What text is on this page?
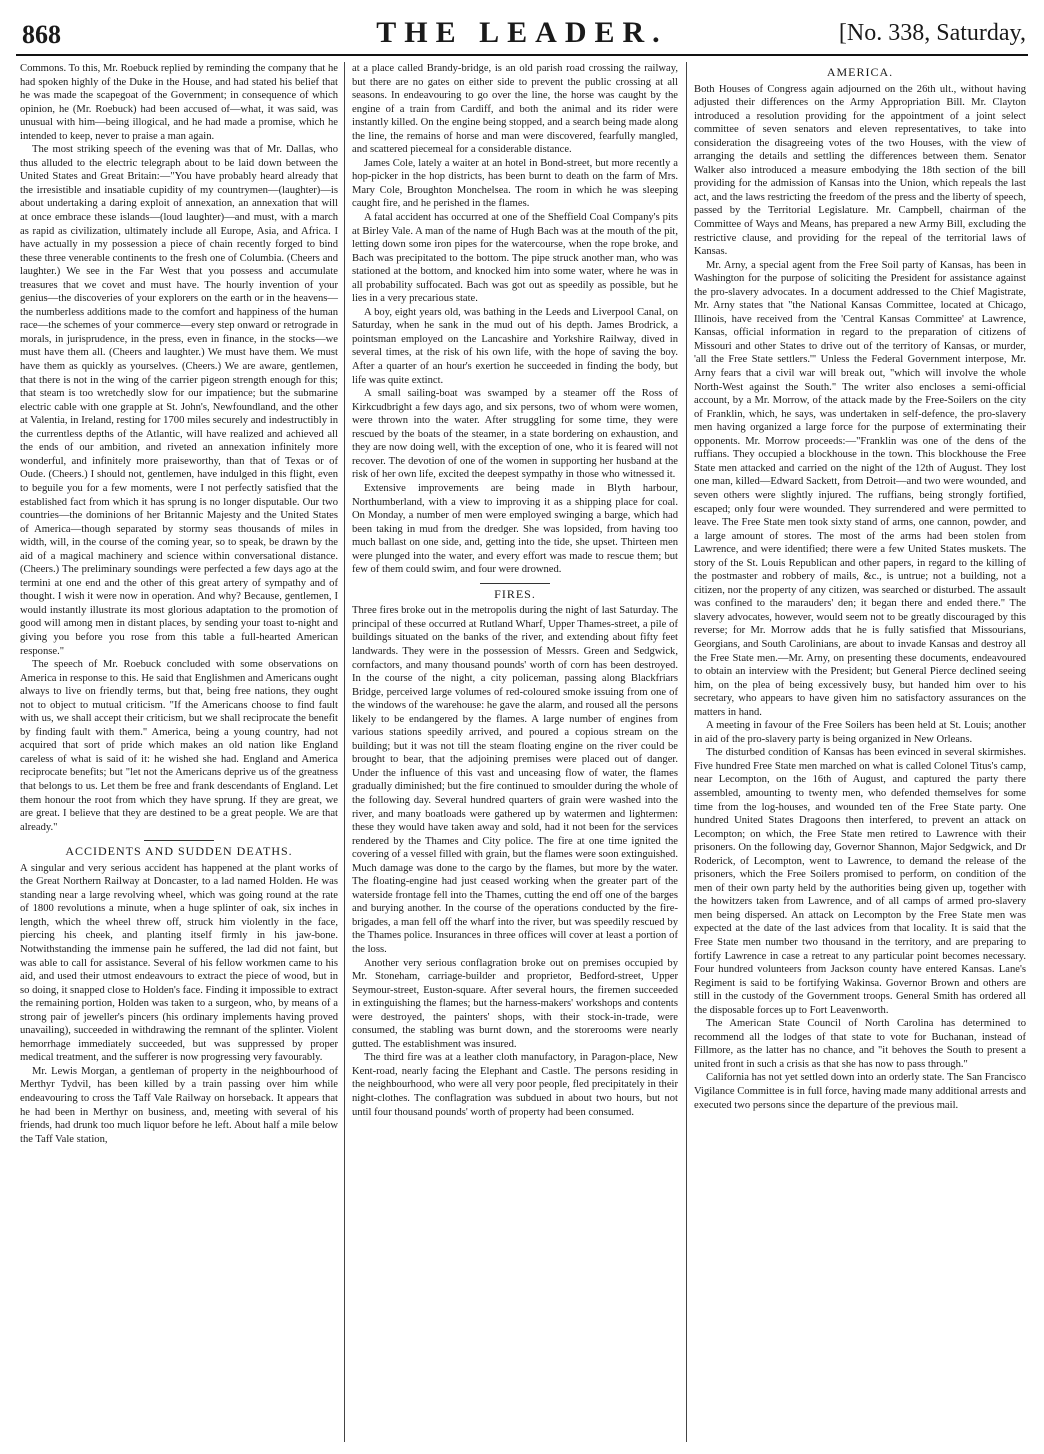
868	THE LEADER.	[No. 338, Saturday,

Commons. To this, Mr. Roebuck replied by reminding the company that he had spoken highly of the Duke in the House, and had stated his belief that he was made the scapegoat of the Government; in consequence of which opinion, he (Mr. Roebuck) had been accused of—what, it was said, was unusual with him—being illogical, and he had made a promise, which he intended to keep, never to praise a man again.

The most striking speech of the evening was that of Mr. Dallas, who thus alluded to the electric telegraph about to be laid down between the United States and Great Britain:—"You have probably heard already that the irresistible and insatiable cupidity of my countrymen—(laughter)—is about undertaking a daring exploit of annexation, an annexation that will at once embrace these islands—(loud laughter)—and must, with a march as rapid as civilization, ultimately include all Europe, Asia, and Africa. I have actually in my possession a piece of chain recently forged to bind these three venerable continents to the fresh one of Columbia. (Cheers and laughter.) We see in the Far West that you possess and accumulate treasures that we covet and must have. The hourly invention of your genius—the discoveries of your explorers on the earth or in the heavens—the numberless additions made to the comfort and happiness of the human race—the schemes of your commerce—every step onward or retrograde in morals, in jurisprudence, in the press, even in finance, in the stocks—we must have them all. (Cheers and laughter.) We must have them. We must have them as quickly as yourselves. (Cheers.) We are aware, gentlemen, that there is not in the wing of the carrier pigeon strength enough for this; that steam is too wretchedly slow for our impatience; but the submarine electric cable with one grapple at St. John's, Newfoundland, and the other at Valentia, in Ireland, resting for 1700 miles securely and indestructibly in the currentless depths of the Atlantic, will have realized and achieved all the ends of our ambition, and riveted an annexation infinitely more wonderful, and infinitely more praiseworthy, than that of Texas or of Oude. (Cheers.) I should not, gentlemen, have indulged in this flight, even to beguile you for a few moments, were I not perfectly satisfied that the established fact from which it has sprung is no longer disputable. Our two countries—the dominions of her Britannic Majesty and the United States of America—though separated by stormy seas thousands of miles in width, will, in the course of the coming year, so to speak, be drawn by the aid of a magical machinery and science within conversational distance. (Cheers.) The preliminary soundings were perfected a few days ago at the termini at one end and the other of this great artery of sympathy and of thought. I wish it were now in operation. And why? Because, gentlemen, I would instantly illustrate its most glorious adaptation to the promotion of good will among men in distant places, by sending your toast to-night and giving you before you rose from this table a full-hearted American response."

The speech of Mr. Roebuck concluded with some observations on America in response to this. He said that Englishmen and Americans ought always to live on friendly terms, but that, being free nations, they ought not to object to mutual criticism. "If the Americans choose to find fault with us, we shall accept their criticism, but we shall reciprocate the benefit by finding fault with them." America, being a young country, had not acquired that sort of pride which makes an old nation like England careless of what is said of it: he wished she had. England and America reciprocate benefits; but "let not the Americans deprive us of the greatness that belongs to us. Let them be free and frank descendants of England. Let them honour the root from which they have sprung. If they are great, we are great. I believe that they are destined to be a great people. We are that already."

ACCIDENTS AND SUDDEN DEATHS.

A singular and very serious accident has happened at the plant works of the Great Northern Railway at Doncaster, to a lad named Holden. He was standing near a large revolving wheel, which was going round at the rate of 1800 revolutions a minute, when a huge splinter of oak, six inches in length, which the wheel threw off, struck him violently in the face, piercing his cheek, and planting itself firmly in his jaw-bone. Notwithstanding the immense pain he suffered, the lad did not faint, but was able to call for assistance. Several of his fellow workmen came to his aid, and used their utmost endeavours to extract the piece of wood, but in so doing, it snapped close to Holden's face. Finding it impossible to extract the remaining portion, Holden was taken to a surgeon, who, by means of a strong pair of jeweller's pincers (his ordinary implements having proved unavailing), succeeded in withdrawing the remnant of the splinter. Violent hemorrhage immediately succeeded, but was suppressed by proper medical treatment, and the sufferer is now progressing very favourably.

Mr. Lewis Morgan, a gentleman of property in the neighbourhood of Merthyr Tydvil, has been killed by a train passing over him while endeavouring to cross the Taff Vale Railway on horseback. It appears that he had been in Merthyr on business, and, meeting with several of his friends, had drunk too much liquor before he left. About half a mile below the Taff Vale station,

at a place called Brandy-bridge, is an old parish road crossing the railway, but there are no gates on either side to prevent the public crossing at all seasons. In endeavouring to go over the line, the horse was caught by the engine of a train from Cardiff, and both the animal and its rider were instantly killed. On the engine being stopped, and a search being made along the line, the remains of horse and man were discovered, fearfully mangled, and scattered piecemeal for a considerable distance.

James Cole, lately a waiter at an hotel in Bond-street, but more recently a hop-picker in the hop districts, has been burnt to death on the farm of Mrs. Mary Cole, Broughton Monchelsea. The room in which he was sleeping caught fire, and he perished in the flames.

A fatal accident has occurred at one of the Sheffield Coal Company's pits at Birley Vale. A man of the name of Hugh Bach was at the mouth of the pit, letting down some iron pipes for the watercourse, when the rope broke, and Bach was precipitated to the bottom. The pipe struck another man, who was stationed at the bottom, and knocked him into some water, where he was in all probability suffocated. Bach was got out as speedily as possible, but he lies in a very precarious state.

A boy, eight years old, was bathing in the Leeds and Liverpool Canal, on Saturday, when he sank in the mud out of his depth. James Brodrick, a pointsman employed on the Lancashire and Yorkshire Railway, dived in several times, at the risk of his own life, with the hope of saving the boy. After a quarter of an hour's exertion he succeeded in finding the body, but life was quite extinct.

A small sailing-boat was swamped by a steamer off the Ross of Kirkcudbright a few days ago, and six persons, two of whom were women, were thrown into the water. After struggling for some time, they were rescued by the boats of the steamer, in a state bordering on exhaustion, and they are now doing well, with the exception of one, who it is feared will not recover. The devotion of one of the women in supporting her husband at the risk of her own life, excited the deepest sympathy in those who witnessed it.

Extensive improvements are being made in Blyth harbour, Northumberland, with a view to improving it as a shipping place for coal. On Monday, a number of men were employed swinging a barge, which had been taking in mud from the dredger. She was lopsided, from having too much ballast on one side, and, getting into the tide, she upset. Thirteen men were plunged into the water, and every effort was made to rescue them; but few of them could swim, and four were drowned.

FIRES.

Three fires broke out in the metropolis during the night of last Saturday. The principal of these occurred at Rutland Wharf, Upper Thames-street, a pile of buildings situated on the banks of the river, and extending about fifty feet landwards. They were in the possession of Messrs. Green and Sedgwick, cornfactors, and many thousand pounds' worth of corn has been destroyed. In the course of the night, a city policeman, passing along Blackfriars Bridge, perceived large volumes of red-coloured smoke issuing from one of the windows of the warehouse: he gave the alarm, and roused all the persons likely to be endangered by the flames. A large number of engines from various stations speedily arrived, and poured a copious stream on the building; but it was not till the steam floating engine on the river could be brought to bear, that the adjoining premises were placed out of danger. Under the influence of this vast and unceasing flow of water, the flames gradually diminished; but the fire continued to smoulder during the whole of the following day. Several hundred quarters of grain were washed into the river, and many boatloads were gathered up by watermen and lightermen: these they would have taken away and sold, had it not been for the services rendered by the Thames and City police. The fire at one time ignited the covering of a vessel filled with grain, but the flames were soon extinguished. Much damage was done to the cargo by the flames, but more by the water. The floating-engine had just ceased working when the greater part of the waterside frontage fell into the Thames, cutting the end off one of the barges and burying another. In the course of the operations conducted by the fire-brigades, a man fell off the wharf into the river, but was speedily rescued by the Thames police. Insurances in three offices will cover at least a portion of the loss.

Another very serious conflagration broke out on premises occupied by Mr. Stoneham, carriage-builder and proprietor, Bedford-street, Upper Seymour-street, Euston-square. After several hours, the firemen succeeded in extinguishing the flames; but the harness-makers' workshops and contents were destroyed, the painters' shops, with their stock-in-trade, were consumed, the stabling was burnt down, and the storerooms were nearly gutted. The establishment was insured.

The third fire was at a leather cloth manufactory, in Paragon-place, New Kent-road, nearly facing the Elephant and Castle. The persons residing in the neighbourhood, who were all very poor people, fled precipitately in their night-clothes. The conflagration was subdued in about two hours, but not until four thousand pounds' worth of property had been consumed.

AMERICA.

Both Houses of Congress again adjourned on the 26th ult., without having adjusted their differences on the Army Appropriation Bill. Mr. Clayton introduced a resolution providing for the appointment of a joint select committee of seven senators and eleven representatives, to take into consideration the disagreeing votes of the two Houses, with the view of arranging the details and settling the differences between them. Senator Walker also introduced a measure embodying the 18th section of the bill providing for the admission of Kansas into the Union, which repeals the last act, and the laws restricting the freedom of the press and the liberty of speech, passed by the Territorial Legislature. Mr. Campbell, chairman of the Committee of Ways and Means, has prepared a new Army Bill, excluding the restrictive clause, and providing for the repeal of the territorial laws of Kansas.

Mr. Arny, a special agent from the Free Soil party of Kansas, has been in Washington for the purpose of soliciting the President for assistance against the pro-slavery advocates. In a document addressed to the Chief Magistrate, Mr. Arny states that "the National Kansas Committee, located at Chicago, Illinois, have received from the 'Central Kansas Committee' at Lawrence, Kansas, official information in regard to the preparation of citizens of Missouri and other States to drive out of the territory of Kansas, or murder, 'all the Free State settlers.'" Unless the Federal Government interpose, Mr. Arny fears that a civil war will break out, "which will involve the whole North-West against the South." The writer also encloses a semi-official account, by a Mr. Morrow, of the attack made by the Free-Soilers on the city of Franklin, which, he says, was undertaken in self-defence, the pro-slavery men having organized a large force for the purpose of exterminating their opponents. Mr. Morrow proceeds:—"Franklin was one of the dens of the ruffians. They occupied a blockhouse in the town. This blockhouse the Free State men attacked and carried on the night of the 12th of August. They lost one man, killed—Edward Sackett, from Detroit—and two were wounded, and seven others were slightly injured. The ruffians, being strongly fortified, escaped; only four were wounded. They surrendered and were permitted to leave. The Free State men took sixty stand of arms, one cannon, powder, and a large amount of stores. The most of the arms had been stolen from Lawrence, and were identified; there were a few United States muskets. The story of the St. Louis Republican and other papers, in regard to the killing of the postmaster and robbery of mails, &c., is untrue; not a building, not a citizen, nor the property of any citizen, was searched or disturbed. The assault was confined to the marauders' den; it began there and ended there." The slavery advocates, however, would seem not to be greatly discouraged by this reverse; for Mr. Morrow adds that he is fully satisfied that Missourians, Georgians, and South Carolinians, are about to invade Kansas and destroy all the Free State men.—Mr. Arny, on presenting these documents, endeavoured to obtain an interview with the President; but General Pierce declined seeing him, on the plea of being excessively busy, but handed him over to his secretary, who appears to have given him no satisfactory assurances on the matters in hand.

A meeting in favour of the Free Soilers has been held at St. Louis; another in aid of the pro-slavery party is being organized in New Orleans.

The disturbed condition of Kansas has been evinced in several skirmishes. Five hundred Free State men marched on what is called Colonel Titus's camp, near Lecompton, on the 16th of August, and captured the party there assembled, amounting to twenty men, who defended themselves for some time from the log-houses, and wounded ten of the Free State party. One hundred United States Dragoons then interfered, to prevent an attack on Lecompton; on which, the Free State men retired to Lawrence with their prisoners. On the following day, Governor Shannon, Major Sedgwick, and Dr Roderick, of Lecompton, went to Lawrence, to demand the release of the prisoners, which the Free Soilers promised to perform, on condition of the men of their own party held by the authorities being given up, together with the howitzers taken from Lawrence, and of all camps of armed pro-slavery men being dispersed. An attack on Lecompton by the Free State men was expected at the date of the last advices from that locality. It is said that the Free State men number two thousand in the territory, and are preparing to fortify Lawrence in case a retreat to any particular point becomes necessary. Four hundred volunteers from Jackson county have entered Kansas. Lane's Regiment is said to be fortifying Wakinsa. Governor Brown and others are still in the custody of the Government troops. General Smith has ordered all the disposable forces up to Fort Leavenworth.

The American State Council of North Carolina has determined to recommend all the lodges of that state to vote for Buchanan, instead of Fillmore, as the latter has no chance, and "it behoves the South to present a united front in such a crisis as that she has now to pass through."

California has not yet settled down into an orderly state. The San Francisco Vigilance Committee is in full force, having made many additional arrests and executed two persons since the departure of the previous mail.
